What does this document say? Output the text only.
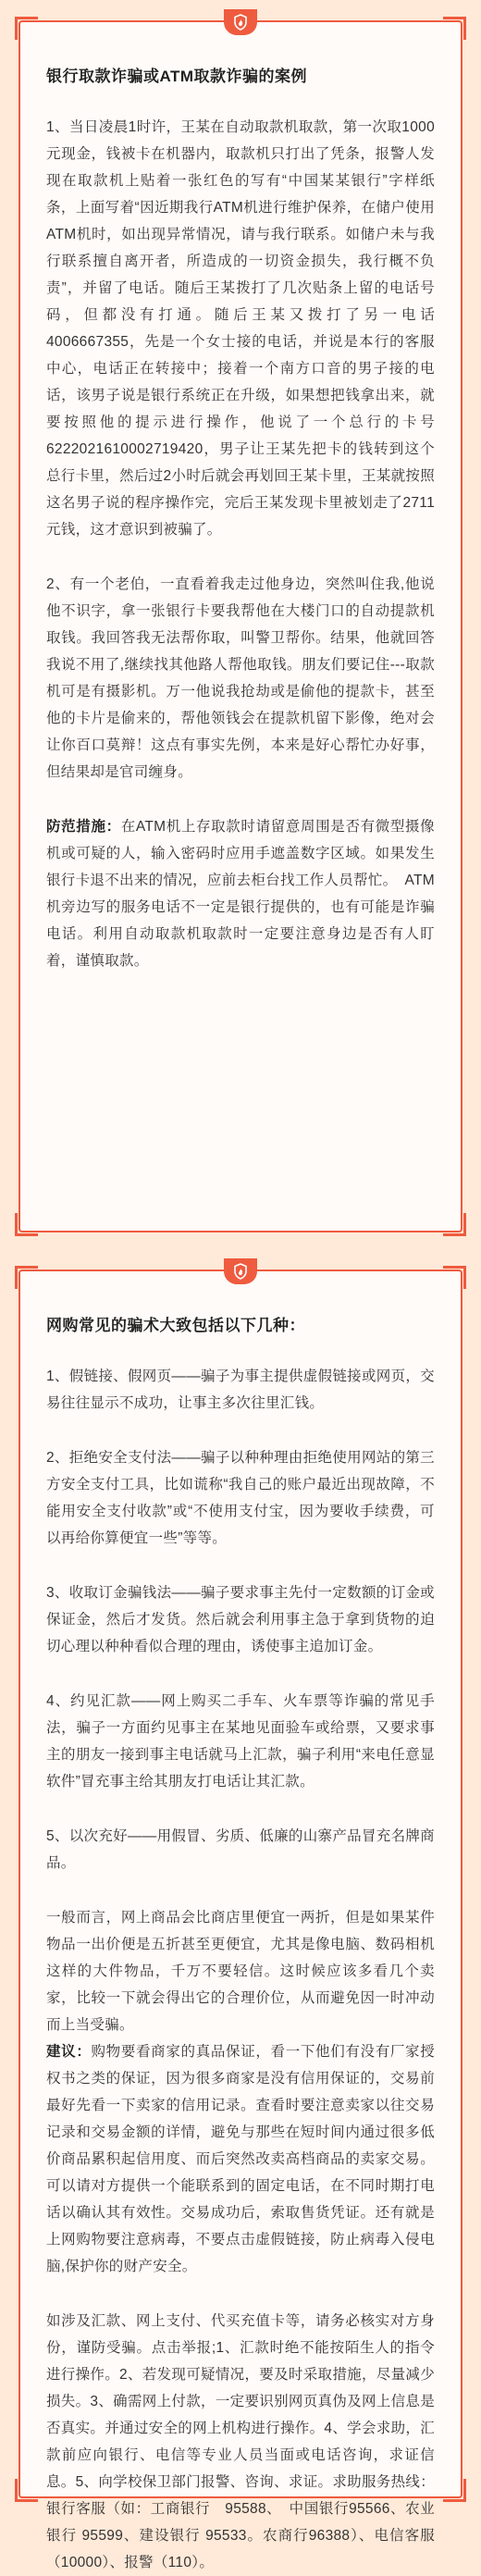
银行取款诈骗或ATM取款诈骗的案例

1、当日凌晨1时许，王某在自动取款机取款，第一次取1000元现金，钱被卡在机器内，取款机只打出了凭条，报警人发现在取款机上贴着一张红色的写有“中国某某银行”字样纸条，上面写着“因近期我行ATM机进行维护保养，在储户使用ATM机时，如出现异常情况，请与我行联系。如储户未与我行联系擅自离开者，所造成的一切资金损失，我行概不负责”，并留了电话。随后王某拨打了几次贴条上留的电话号码，但都没有打通。随后王某又拨打了另一电话4006667355，先是一个女士接的电话，并说是本行的客服中心，电话正在转接中；接着一个南方口音的男子接的电话，该男子说是银行系统正在升级，如果想把钱拿出来，就要按照他的提示进行操作，他说了一个总行的卡号6222021610002719420，男子让王某先把卡的钱转到这个总行卡里，然后过2小时后就会再划回王某卡里，王某就按照这名男子说的程序操作完，完后王某发现卡里被划走了2711元钱，这才意识到被骗了。

2、有一个老伯，一直看着我走过他身边，突然叫住我,他说他不识字，拿一张银行卡要我帮他在大楼门口的自动提款机取钱。我回答我无法帮你取，叫警卫帮你。结果，他就回答我说不用了,继续找其他路人帮他取钱。朋友们要记住---取款机可是有摄影机。万一他说我抢劫或是偷他的提款卡，甚至他的卡片是偷来的，帮他领钱会在提款机留下影像，绝对会让你百口莫辩！这点有事实先例，本来是好心帮忙办好事，但结果却是官司缠身。

防范措施：在ATM机上存取款时请留意周围是否有微型摄像机或可疑的人，输入密码时应用手遮盖数字区域。如果发生银行卡退不出来的情况，应前去柜台找工作人员帮忙。　ATM机旁边写的服务电话不一定是银行提供的，也有可能是诈骗电话。利用自动取款机取款时一定要注意身边是否有人盯着，谨慎取款。

网购常见的骗术大致包括以下几种：

1、假链接、假网页——骗子为事主提供虚假链接或网页，交易往往显示不成功，让事主多次往里汇钱。

2、拒绝安全支付法——骗子以种种理由拒绝使用网站的第三方安全支付工具，比如谎称“我自己的账户最近出现故障，不能用安全支付收款”或“不使用支付宝，因为要收手续费，可以再给你算便宜一些”等等。

3、收取订金骗钱法——骗子要求事主先付一定数额的订金或保证金，然后才发货。然后就会利用事主急于拿到货物的迫切心理以种种看似合理的理由，诱使事主追加订金。

4、约见汇款——网上购买二手车、火车票等诈骗的常见手法，骗子一方面约见事主在某地见面验车或给票，又要求事主的朋友一接到事主电话就马上汇款，骗子利用“来电任意显软件”冒充事主给其朋友打电话让其汇款。

5、以次充好——用假冒、劣质、低廉的山寨产品冒充名牌商品。

一般而言，网上商品会比商店里便宜一两折，但是如果某件物品一出价便是五折甚至更便宜，尤其是像电脑、数码相机这样的大件物品，千万不要轻信。这时候应该多看几个卖家，比较一下就会得出它的合理价位，从而避免因一时冲动而上当受骗。
建议：购物要看商家的真品保证，看一下他们有没有厂家授权书之类的保证，因为很多商家是没有信用保证的，交易前最好先看一下卖家的信用记录。查看时要注意卖家以往交易记录和交易金额的详情，避免与那些在短时间内通过很多低价商品累积起信用度、而后突然改卖高档商品的卖家交易。可以请对方提供一个能联系到的固定电话，在不同时期打电话以确认其有效性。交易成功后，索取售货凭证。还有就是上网购物要注意病毒，不要点击虚假链接，防止病毒入侵电脑,保护你的财产安全。

如涉及汇款、网上支付、代买充值卡等，请务必核实对方身份，谨防受骗。点击举报;1、汇款时绝不能按陌生人的指令进行操作。2、若发现可疑情况，要及时采取措施，尽量减少损失。3、确需网上付款，一定要识别网页真伪及网上信息是否真实。并通过安全的网上机构进行操作。4、学会求助，汇款前应向银行、电信等专业人员当面或电话咨询，求证信息。5、向学校保卫部门报警、咨询、求证。求助服务热线：银行客服（如：工商银行　95588、　中国银行95566、农业银行 95599、建设银行 95533。农商行96388）、电信客服（10000）、报警（110）。
